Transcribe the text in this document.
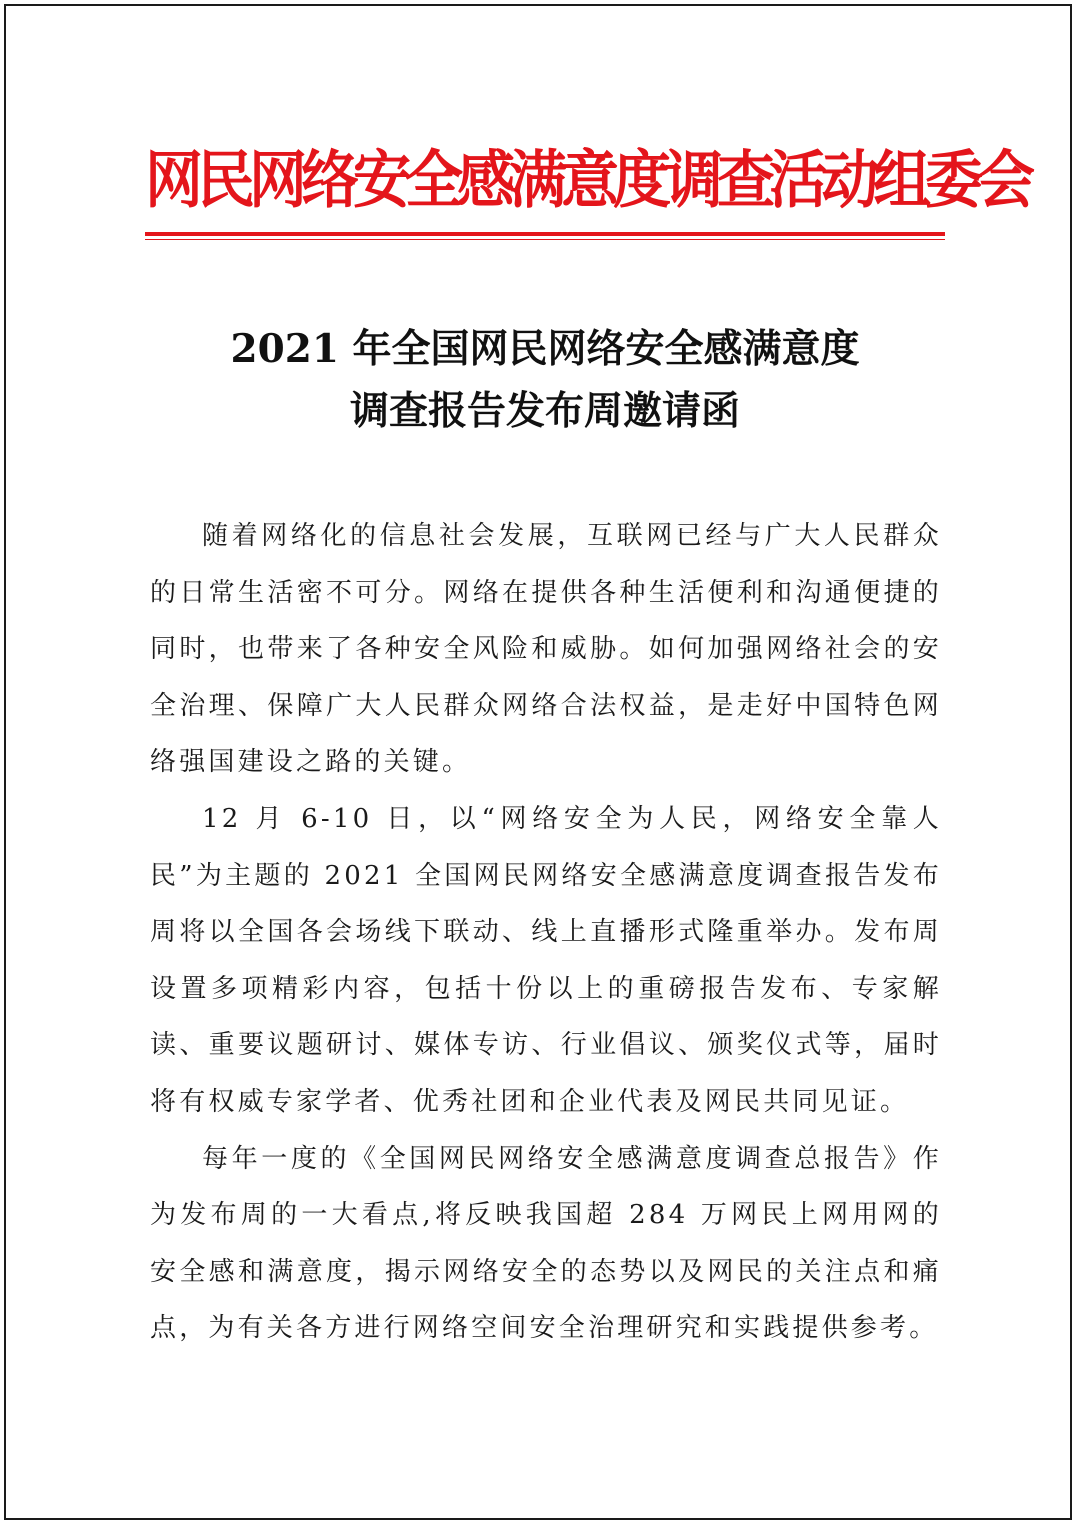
网民网络安全感满意度调查活动组委会
2021 年全国网民网络安全感满意度
调查报告发布周邀请函

随着网络化的信息社会发展，互联网已经与广大人民群众的日常生活密不可分。网络在提供各种生活便利和沟通便捷的同时，也带来了各种安全风险和威胁。如何加强网络社会的安全治理、保障广大人民群众网络合法权益，是走好中国特色网络强国建设之路的关键。

12 月 6-10 日，以“网络安全为人民，网络安全靠人民”为主题的 2021 全国网民网络安全感满意度调查报告发布周将以全国各会场线下联动、线上直播形式隆重举办。发布周设置多项精彩内容，包括十份以上的重磅报告发布、专家解读、重要议题研讨、媒体专访、行业倡议、颁奖仪式等，届时将有权威专家学者、优秀社团和企业代表及网民共同见证。

每年一度的《全国网民网络安全感满意度调查总报告》作为发布周的一大看点,将反映我国超 284 万网民上网用网的安全感和满意度，揭示网络安全的态势以及网民的关注点和痛点，为有关各方进行网络空间安全治理研究和实践提供参考。
